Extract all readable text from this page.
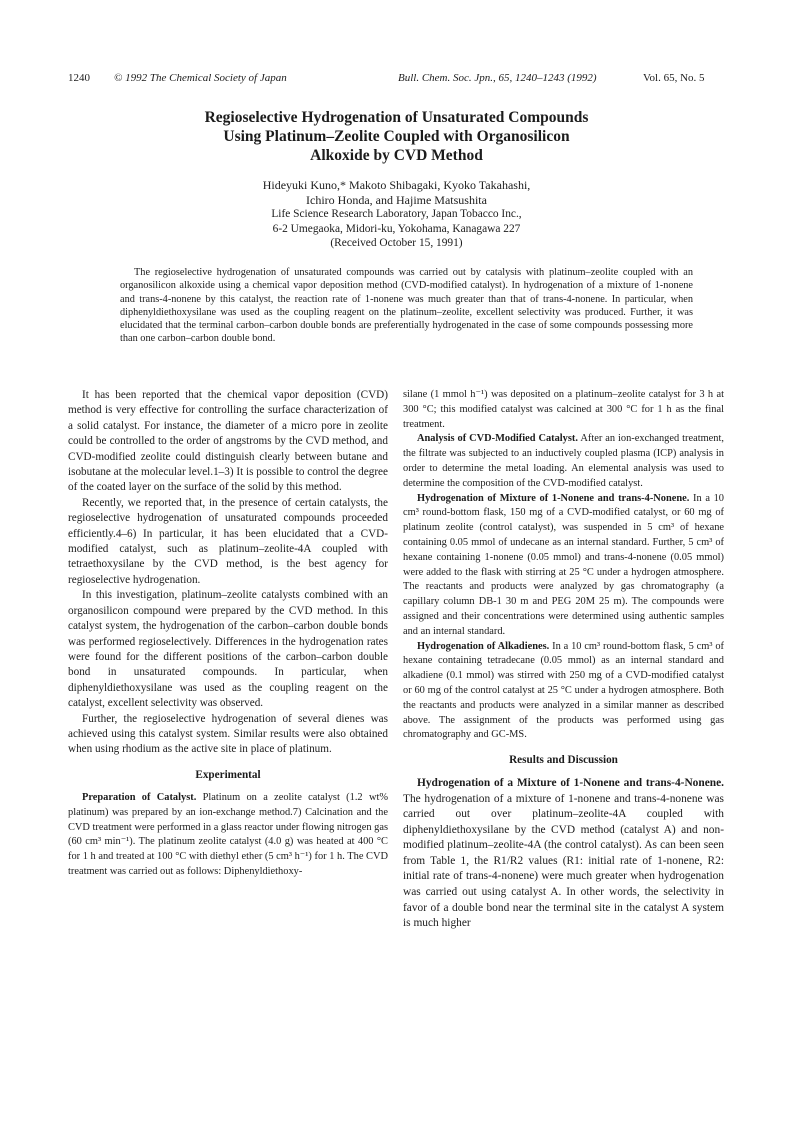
1240 © 1992 The Chemical Society of Japan	Bull. Chem. Soc. Jpn., 65, 1240–1243 (1992)	Vol. 65, No. 5
Regioselective Hydrogenation of Unsaturated Compounds
Using Platinum–Zeolite Coupled with Organosilicon
Alkoxide by CVD Method
Hideyuki Kuno,* Makoto Shibagaki, Kyoko Takahashi,
Ichiro Honda, and Hajime Matsushita
Life Science Research Laboratory, Japan Tobacco Inc.,
6-2 Umegaoka, Midori-ku, Yokohama, Kanagawa 227
(Received October 15, 1991)
The regioselective hydrogenation of unsaturated compounds was carried out by catalysis with platinum–zeolite coupled with an organosilicon alkoxide using a chemical vapor deposition method (CVD-modified catalyst). In hydrogenation of a mixture of 1-nonene and trans-4-nonene by this catalyst, the reaction rate of 1-nonene was much greater than that of trans-4-nonene. In particular, when diphenyldiethoxysilane was used as the coupling reagent on the platinum–zeolite, excellent selectivity was produced. Further, it was elucidated that the terminal carbon–carbon double bonds are preferentially hydrogenated in the case of some compounds possessing more than one carbon–carbon double bond.

It has been reported that the chemical vapor deposition (CVD) method is very effective for controlling the surface characterization of a solid catalyst. For instance, the diameter of a micro pore in zeolite could be controlled to the order of angstroms by the CVD method, and CVD-modified zeolite could distinguish clearly between butane and isobutane at the molecular level.1–3) It is possible to control the degree of the coated layer on the surface of the solid by this method.

Recently, we reported that, in the presence of certain catalysts, the regioselective hydrogenation of unsaturated compounds proceeded efficiently.4–6) In particular, it has been elucidated that a CVD-modified catalyst, such as platinum–zeolite-4A coupled with tetraethoxysilane by the CVD method, is the best agency for regioselective hydrogenation.

In this investigation, platinum–zeolite catalysts combined with an organosilicon compound were prepared by the CVD method. In this catalyst system, the hydrogenation of the carbon–carbon double bonds was performed regioselectively. Differences in the hydrogenation rates were found for the different positions of the carbon–carbon double bond in unsaturated compounds. In particular, when diphenyldiethoxysilane was used as the coupling reagent on the catalyst, excellent selectivity was observed.

Further, the regioselective hydrogenation of several dienes was achieved using this catalyst system. Similar results were also obtained when using rhodium as the active site in place of platinum.

Experimental

Preparation of Catalyst. Platinum on a zeolite catalyst (1.2 wt% platinum) was prepared by an ion-exchange method.7) Calcination and the CVD treatment were performed in a glass reactor under flowing nitrogen gas (60 cm³ min⁻¹). The platinum zeolite catalyst (4.0 g) was heated at 400 °C for 1 h and treated at 100 °C with diethyl ether (5 cm³ h⁻¹) for 1 h. The CVD treatment was carried out as follows: Diphenyldiethoxy-

silane (1 mmol h⁻¹) was deposited on a platinum–zeolite catalyst for 3 h at 300 °C; this modified catalyst was calcined at 300 °C for 1 h as the final treatment.

Analysis of CVD-Modified Catalyst. After an ion-exchanged treatment, the filtrate was subjected to an inductively coupled plasma (ICP) analysis in order to determine the metal loading. An elemental analysis was used to determine the composition of the CVD-modified catalyst.

Hydrogenation of Mixture of 1-Nonene and trans-4-Nonene. In a 10 cm³ round-bottom flask, 150 mg of a CVD-modified catalyst, or 60 mg of platinum zeolite (control catalyst), was suspended in 5 cm³ of hexane containing 0.05 mmol of undecane as an internal standard. Further, 5 cm³ of hexane containing 1-nonene (0.05 mmol) and trans-4-nonene (0.05 mmol) were added to the flask with stirring at 25 °C under a hydrogen atmosphere. The reactants and products were analyzed by gas chromatography (a capillary column DB-1 30 m and PEG 20M 25 m). The compounds were assigned and their concentrations were determined using authentic samples and an internal standard.

Hydrogenation of Alkadienes. In a 10 cm³ round-bottom flask, 5 cm³ of hexane containing tetradecane (0.05 mmol) as an internal standard and alkadiene (0.1 mmol) was stirred with 250 mg of a CVD-modified catalyst or 60 mg of the control catalyst at 25 °C under a hydrogen atmosphere. Both the reactants and products were analyzed in a similar manner as described above. The assignment of the products was performed using gas chromatography and GC-MS.

Results and Discussion

Hydrogenation of a Mixture of 1-Nonene and trans-4-Nonene. The hydrogenation of a mixture of 1-nonene and trans-4-nonene was carried out over platinum–zeolite-4A coupled with diphenyldiethoxysilane by the CVD method (catalyst A) and non-modified platinum–zeolite-4A (the control catalyst). As can been seen from Table 1, the R1/R2 values (R1: initial rate of 1-nonene, R2: initial rate of trans-4-nonene) were much greater when hydrogenation was carried out using catalyst A. In other words, the selectivity in favor of a double bond near the terminal site in the catalyst A system is much higher
